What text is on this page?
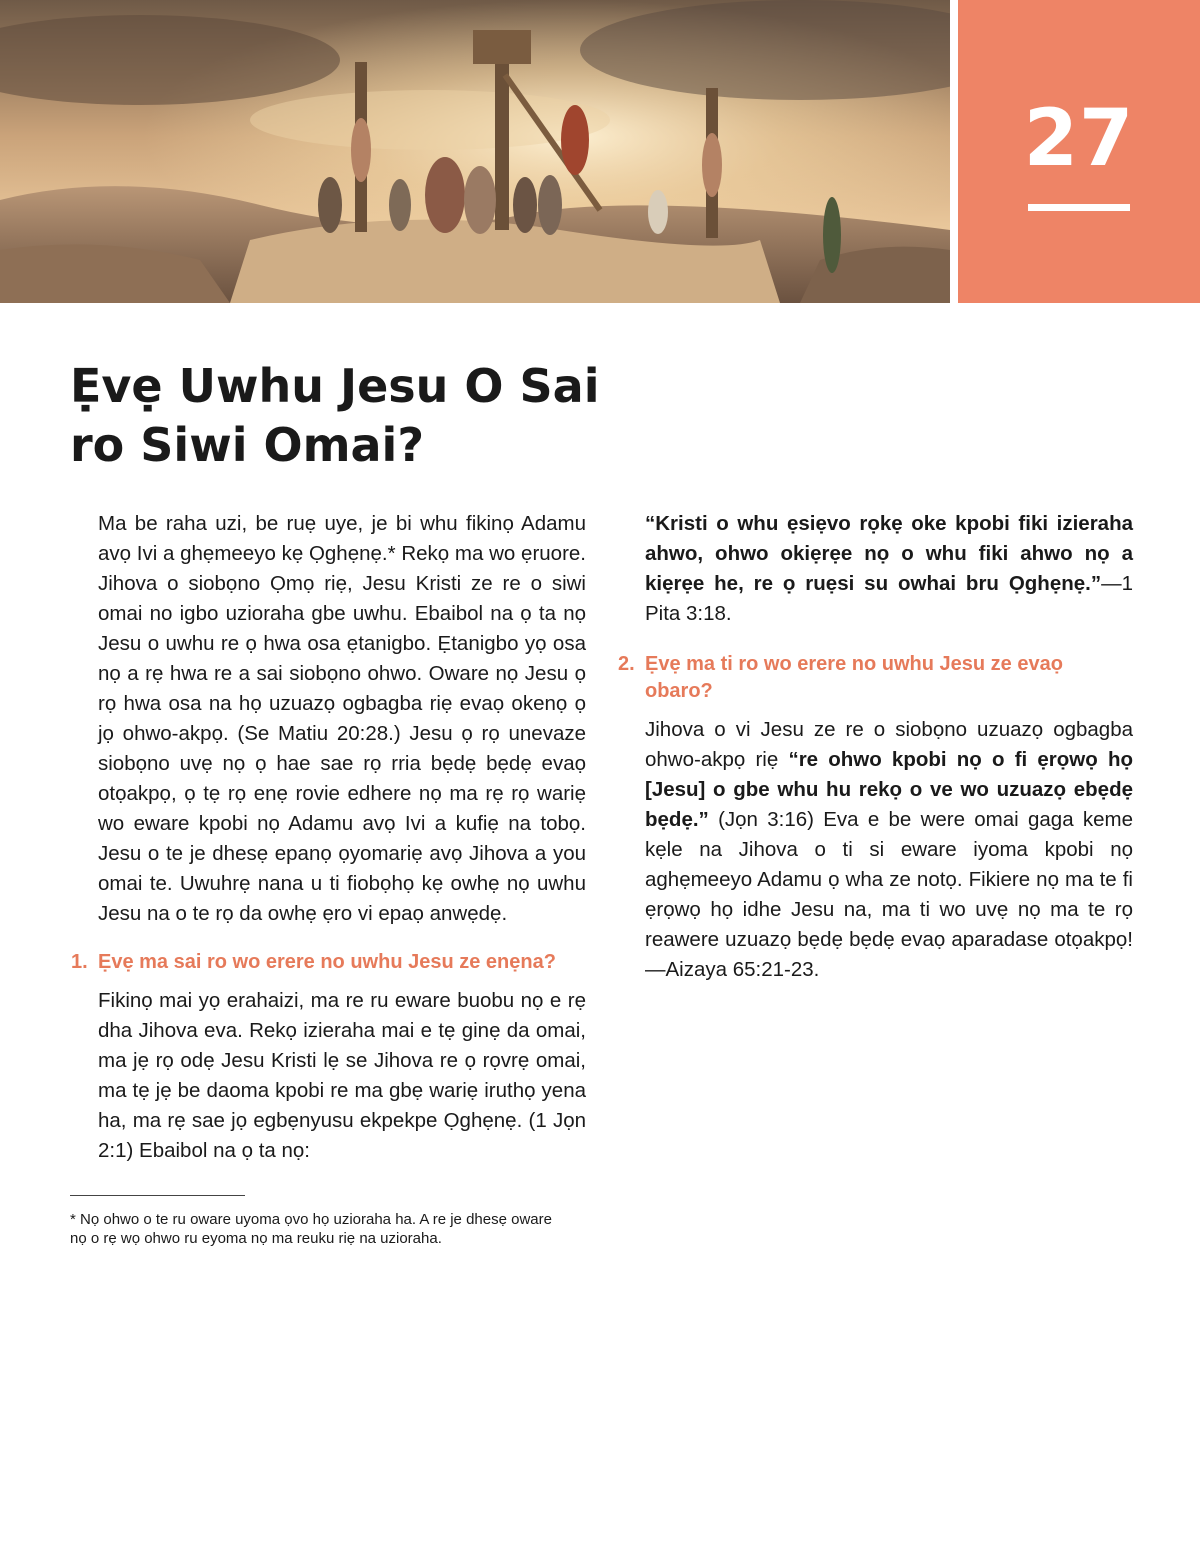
27
Ẹvẹ Uwhu Jesu O Sai
ro Siwi Omai?

Ma be raha uzi, be ruẹ uye, je bi whu fikinọ Adamu avọ Ivi a ghẹmeeyo kẹ Ọghẹnẹ.* Rekọ ma wo ẹruore. Jihova o siobọno Ọmọ riẹ, Jesu Kristi ze re o siwi omai no igbo uzioraha gbe uwhu. Ebaibol na ọ ta nọ Jesu o uwhu re ọ hwa osa ẹtanigbo. Ẹtanigbo yọ osa nọ a rẹ hwa re a sai siobọno ohwo. Oware nọ Jesu ọ rọ hwa osa na họ uzuazọ ogbagba riẹ evaọ okenọ ọ jọ ohwo-akpọ. (Se Matiu 20:28.) Jesu ọ rọ unevaze siobọno uvẹ nọ ọ hae sae rọ rria bẹdẹ bẹdẹ evaọ otọakpọ, ọ tẹ rọ enẹ rovie edhere nọ ma rẹ rọ wariẹ wo eware kpobi nọ Adamu avọ Ivi a kufiẹ na tobọ. Jesu o te je dhesẹ epanọ ọyomariẹ avọ Jihova a you omai te. Uwuhrẹ nana u ti fiobọhọ kẹ owhẹ nọ uwhu Jesu na o te rọ da owhẹ ẹro vi epaọ anwẹdẹ.

1. Ẹvẹ ma sai ro wo erere no uwhu Jesu ze enẹna?

Fikinọ mai yọ erahaizi, ma re ru eware buobu nọ e rẹ dha Jihova eva. Rekọ izieraha mai e tẹ ginẹ da omai, ma jẹ rọ odẹ Jesu Kristi lẹ se Jihova re ọ rọvrẹ omai, ma tẹ jẹ be daoma kpobi re ma gbẹ wariẹ iruthọ yena ha, ma rẹ sae jọ egbẹnyusu ekpekpe Ọghẹnẹ. (1 Jọn 2:1) Ebaibol na ọ ta nọ:

“Kristi o whu ẹsiẹvo rọkẹ oke kpobi fiki izieraha ahwo, ohwo okiẹrẹe nọ o whu fiki ahwo nọ a kiẹrẹe he, re ọ ruẹsi su owhai bru Ọghẹnẹ.”—1 Pita 3:18.

2. Ẹvẹ ma ti ro wo erere no uwhu Jesu ze evaọ obaro?

Jihova o vi Jesu ze re o siobọno uzuazọ ogbagba ohwo-akpọ riẹ “re ohwo kpobi nọ o fi ẹrọwọ họ [Jesu] o gbe whu hu rekọ o ve wo uzuazọ ebẹdẹ bẹdẹ.” (Jọn 3:16) Eva e be were omai gaga keme kẹle na Jihova o ti si eware iyoma kpobi nọ aghẹmeeyo Adamu ọ wha ze notọ. Fikiere nọ ma te fi ẹrọwọ họ idhe Jesu na, ma ti wo uvẹ nọ ma te rọ reawere uzuazọ bẹdẹ bẹdẹ evaọ aparadase otọakpọ!—Aizaya 65:21-23.

* Nọ ohwo o te ru oware uyoma ọvo họ uzioraha ha. A re je dhesẹ oware nọ o rẹ wọ ohwo ru eyoma nọ ma reuku riẹ na uzioraha.
